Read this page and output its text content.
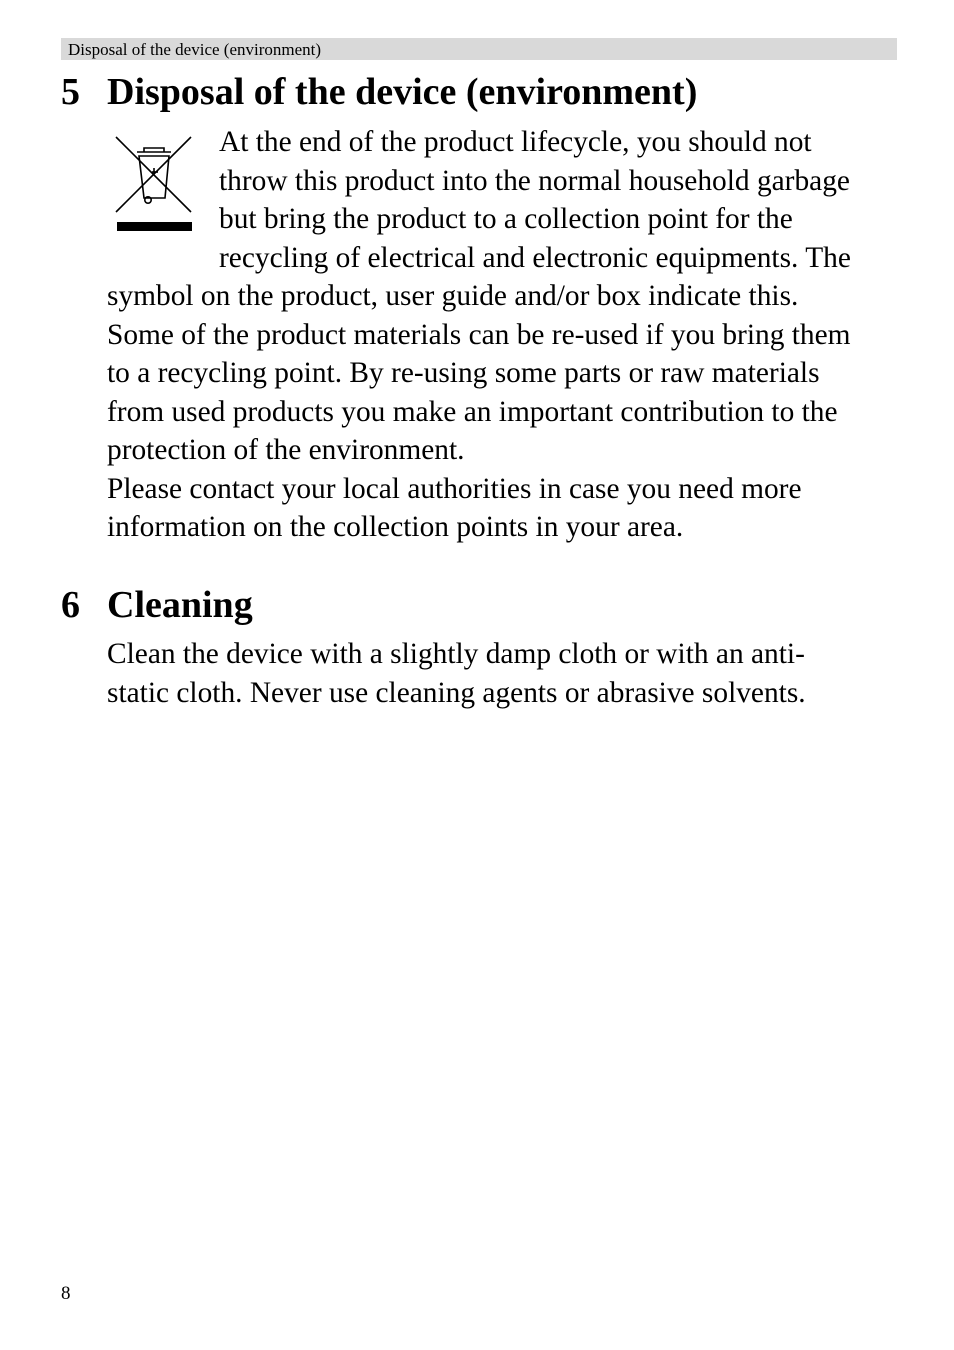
Disposal of the device (environment)
5 Disposal of the device (environment)

At the end of the product lifecycle, you should not
throw this product into the normal household garbage
but bring the product to a collection point for the
recycling of electrical and electronic equipments. The

symbol on the product, user guide and/or box indicate this.
Some of the product materials can be re-used if you bring them
to a recycling point. By re-using some parts or raw materials
from used products you make an important contribution to the
protection of the environment.
Please contact your local authorities in case you need more
information on the collection points in your area.

6 Cleaning

Clean the device with a slightly damp cloth or with an anti-
static cloth. Never use cleaning agents or abrasive solvents.

8
